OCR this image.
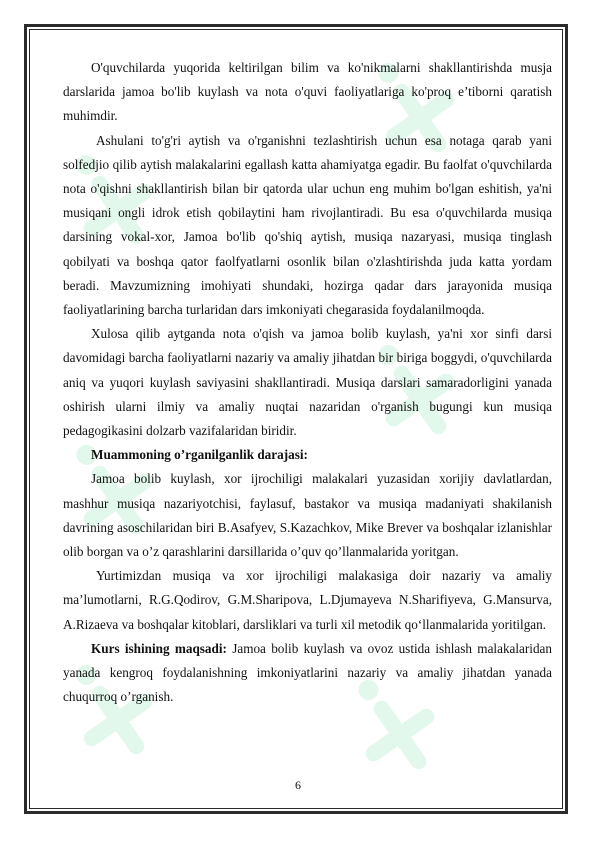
O'quvchilarda yuqorida keltirilgan bilim va ko'nikmalarni shakllantirishda musja darslarida jamoa bo'lib kuylash va nota o'quvi faoliyatlariga ko'proq e’tiborni qaratish muhimdir.

Ashulani to'g'ri aytish va o'rganishni tezlashtirish uchun esa notaga qarab yani solfedjio qilib aytish malakalarini egallash katta ahamiyatga egadir. Bu faolfat o'quvchilarda nota o'qishni shakllantirish bilan bir qatorda ular uchun eng muhim bo'lgan eshitish, ya'ni musiqani ongli idrok etish qobilaytini ham rivojlantiradi. Bu esa o'quvchilarda musiqa darsining vokal-xor, Jamoa bo'lib qo'shiq aytish, musiqa nazaryasi, musiqa tinglash qobilyati va boshqa qator faolfyatlarni osonlik bilan o'zlashtirishda juda katta yordam beradi. Mavzumizning imohiyati shundaki, hozirga qadar dars jarayonida musiqa faoliyatlarining barcha turlaridan dars imkoniyati chegarasida foydalanilmoqda.

Xulosa qilib aytganda nota o'qish va jamoa bolib kuylash, ya'ni xor sinfi darsi davomidagi barcha faoliyatlarni nazariy va amaliy jihatdan bir biriga boggydi, o'quvchilarda aniq va yuqori kuylash saviyasini shakllantiradi. Musiqa darslari samaradorligini yanada oshirish ularni ilmiy va amaliy nuqtai nazaridan o'rganish bugungi kun musiqa pedagogikasini dolzarb vazifalaridan biridir.

Muammoning o’rganilganlik darajasi:

Jamoa bolib kuylash, xor ijrochiligi malakalari yuzasidan xorijiy davlatlardan, mashhur musiqa nazariyotchisi, faylasuf, bastakor va musiqa madaniyati shakilanish davrining asoschilaridan biri B.Asafyev, S.Kazachkov, Mike Brever va boshqalar izlanishlar olib borgan va o’z qarashlarini darsillarida o’quv qo’llanmalarida yoritgan.

Yurtimizdan musiqa va xor ijrochiligi malakasiga doir nazariy va amaliy ma’lumotlarni, R.G.Qodirov, G.M.Sharipova, L.Djumayeva N.Sharifiyeva, G.Mansurva, A.Rizaeva va boshqalar kitoblari, darsliklari va turli xil metodik qo‘llanmalarida yoritilgan.

Kurs ishining maqsadi: Jamoa bolib kuylash va ovoz ustida ishlash malakalaridan yanada kengroq foydalanishning imkoniyatlarini nazariy va amaliy jihatdan yanada chuqurroq o’rganish.

6
